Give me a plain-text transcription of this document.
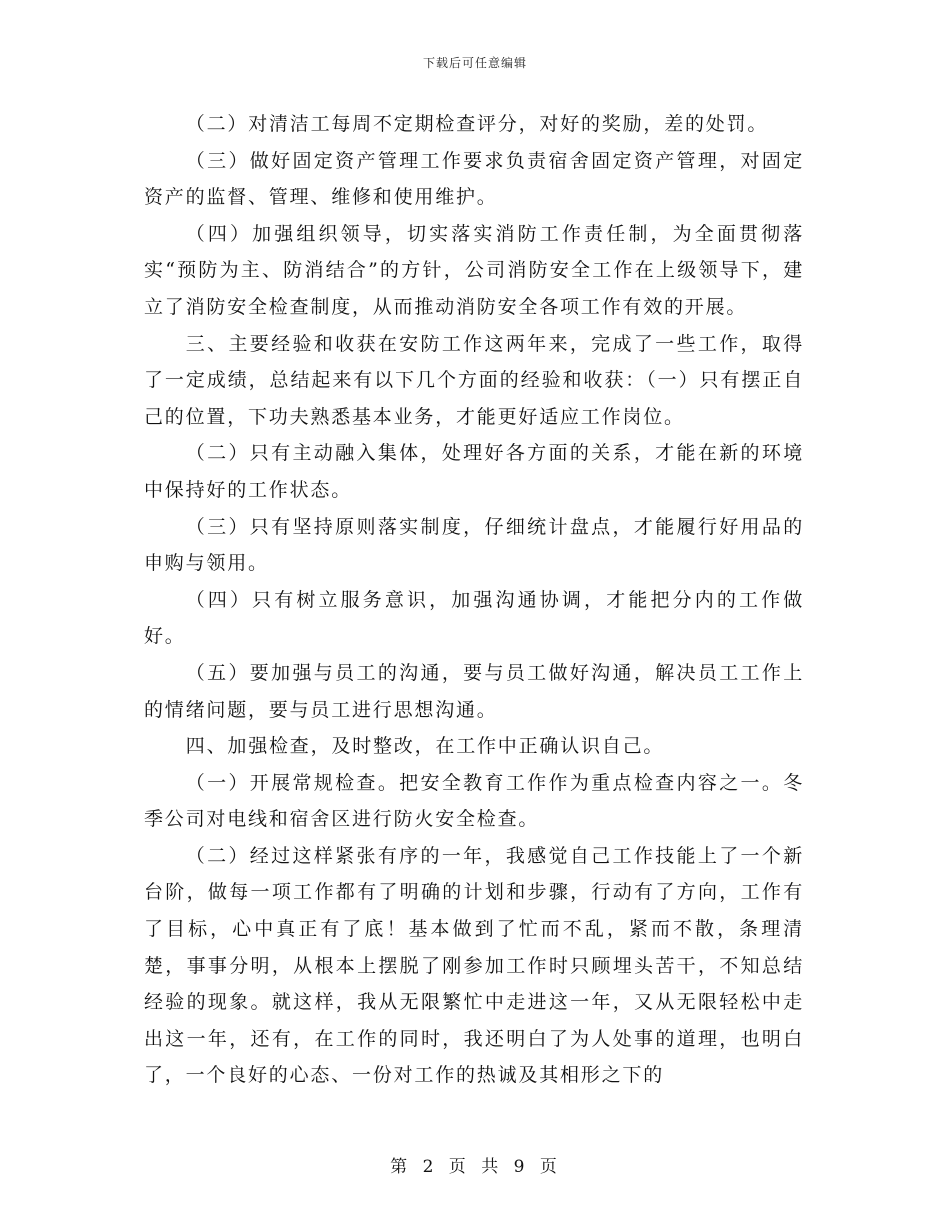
下载后可任意编辑

（二）对清洁工每周不定期检查评分，对好的奖励，差的处罚。

（三）做好固定资产管理工作要求负责宿舍固定资产管理，对固定资产的监督、管理、维修和使用维护。

（四）加强组织领导，切实落实消防工作责任制，为全面贯彻落实“预防为主、防消结合”的方针，公司消防安全工作在上级领导下，建立了消防安全检查制度，从而推动消防安全各项工作有效的开展。

三、主要经验和收获在安防工作这两年来，完成了一些工作，取得了一定成绩，总结起来有以下几个方面的经验和收获：（一）只有摆正自己的位置，下功夫熟悉基本业务，才能更好适应工作岗位。

（二）只有主动融入集体，处理好各方面的关系，才能在新的环境中保持好的工作状态。

（三）只有坚持原则落实制度，仔细统计盘点，才能履行好用品的申购与领用。

（四）只有树立服务意识，加强沟通协调，才能把分内的工作做好。

（五）要加强与员工的沟通，要与员工做好沟通，解决员工工作上的情绪问题，要与员工进行思想沟通。

四、加强检查，及时整改，在工作中正确认识自己。

（一）开展常规检查。把安全教育工作作为重点检查内容之一。冬季公司对电线和宿舍区进行防火安全检查。

（二）经过这样紧张有序的一年，我感觉自己工作技能上了一个新台阶，做每一项工作都有了明确的计划和步骤，行动有了方向，工作有了目标，心中真正有了底！基本做到了忙而不乱，紧而不散，条理清楚，事事分明，从根本上摆脱了刚参加工作时只顾埋头苦干，不知总结经验的现象。就这样，我从无限繁忙中走进这一年，又从无限轻松中走出这一年，还有，在工作的同时，我还明白了为人处事的道理，也明白了，一个良好的心态、一份对工作的热诚及其相形之下的

第 2 页 共 9 页
